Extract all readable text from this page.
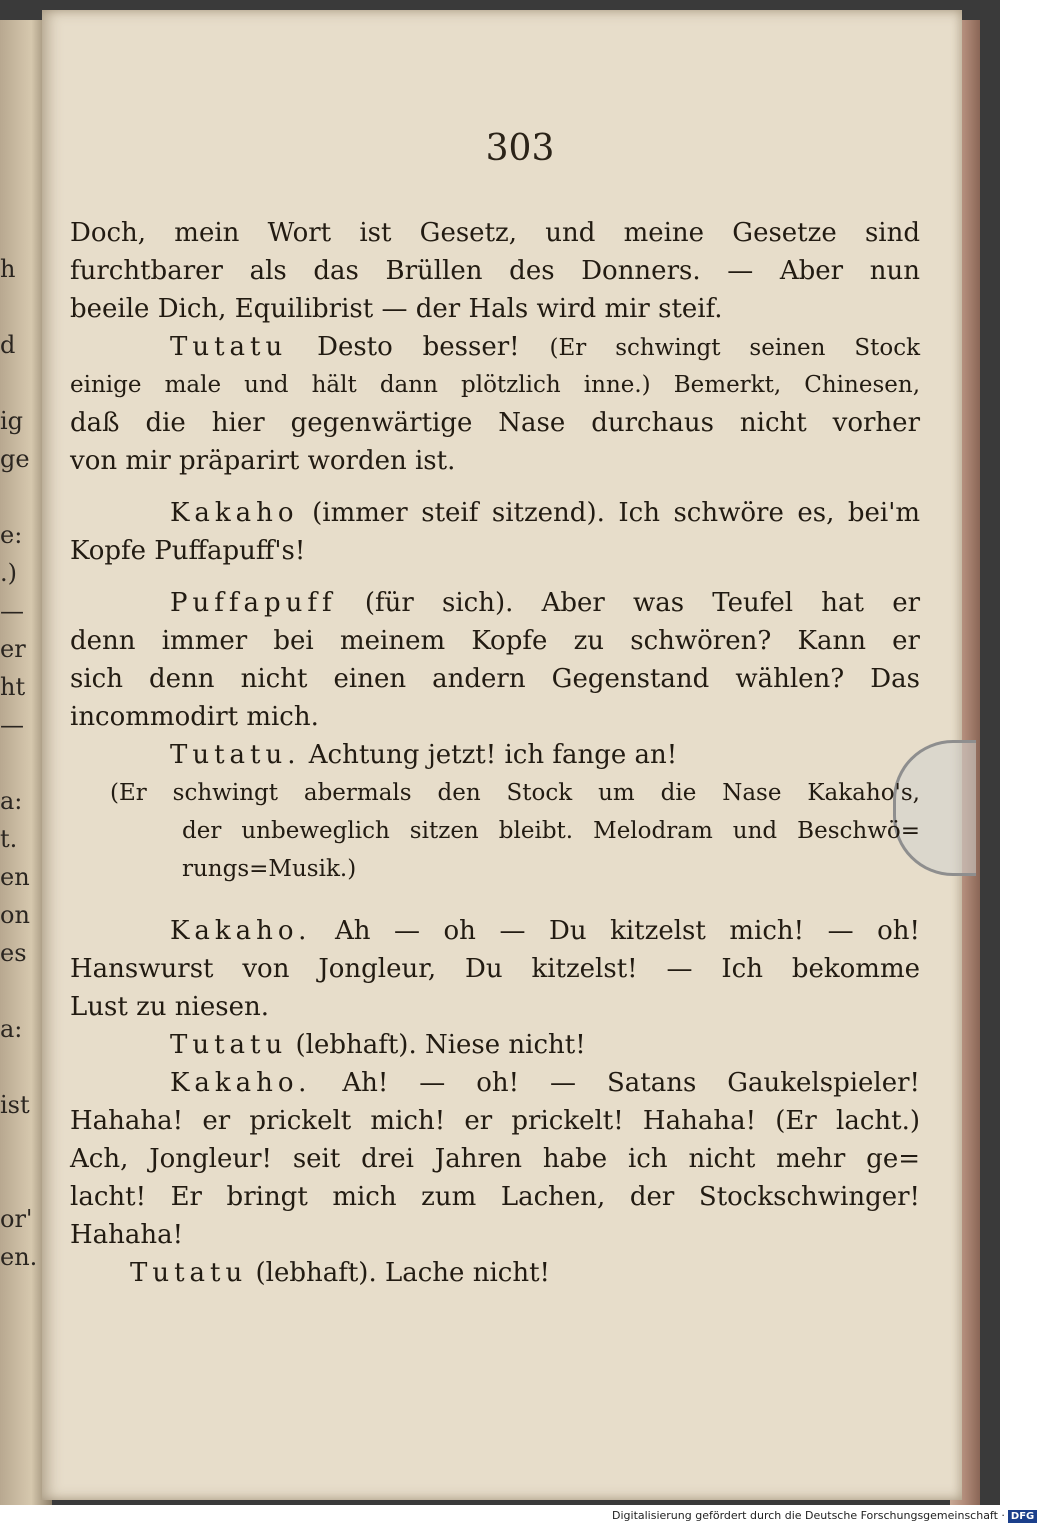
h

d

ig
ge

e:
.)
—
er
ht
—

a:
t.
en
on
es

a:

ist

or'
en.
303
Doch, mein Wort ist Gesetz, und meine Gesetze sind
furchtbarer als das Brüllen des Donners. — Aber nun
beeile Dich, Equilibrist — der Hals wird mir steif.
Tutatu Desto besser! (Er schwingt seinen Stock
einige male und hält dann plötzlich inne.) Bemerkt, Chinesen,
daß die hier gegenwärtige Nase durchaus nicht vorher
von mir präparirt worden ist.
Kakaho (immer steif sitzend). Ich schwöre es, bei'm
Kopfe Puffapuff's!
Puffapuff (für sich). Aber was Teufel hat er
denn immer bei meinem Kopfe zu schwören? Kann er
sich denn nicht einen andern Gegenstand wählen? Das
incommodirt mich.
Tutatu. Achtung jetzt! ich fange an!
(Er schwingt abermals den Stock um die Nase Kakaho's,
der unbeweglich sitzen bleibt. Melodram und Beschwö=
rungs=Musik.)
Kakaho. Ah — oh — Du kitzelst mich! — oh!
Hanswurst von Jongleur, Du kitzelst! — Ich bekomme
Lust zu niesen.
Tutatu (lebhaft). Niese nicht!
Kakaho. Ah! — oh! — Satans Gaukelspieler!
Hahaha! er prickelt mich! er prickelt! Hahaha! (Er lacht.)
Ach, Jongleur! seit drei Jahren habe ich nicht mehr ge=
lacht! Er bringt mich zum Lachen, der Stockschwinger!
Hahaha!
Tutatu (lebhaft). Lache nicht!
Digitalisierung gefördert durch die Deutsche Forschungsgemeinschaft · DFG
